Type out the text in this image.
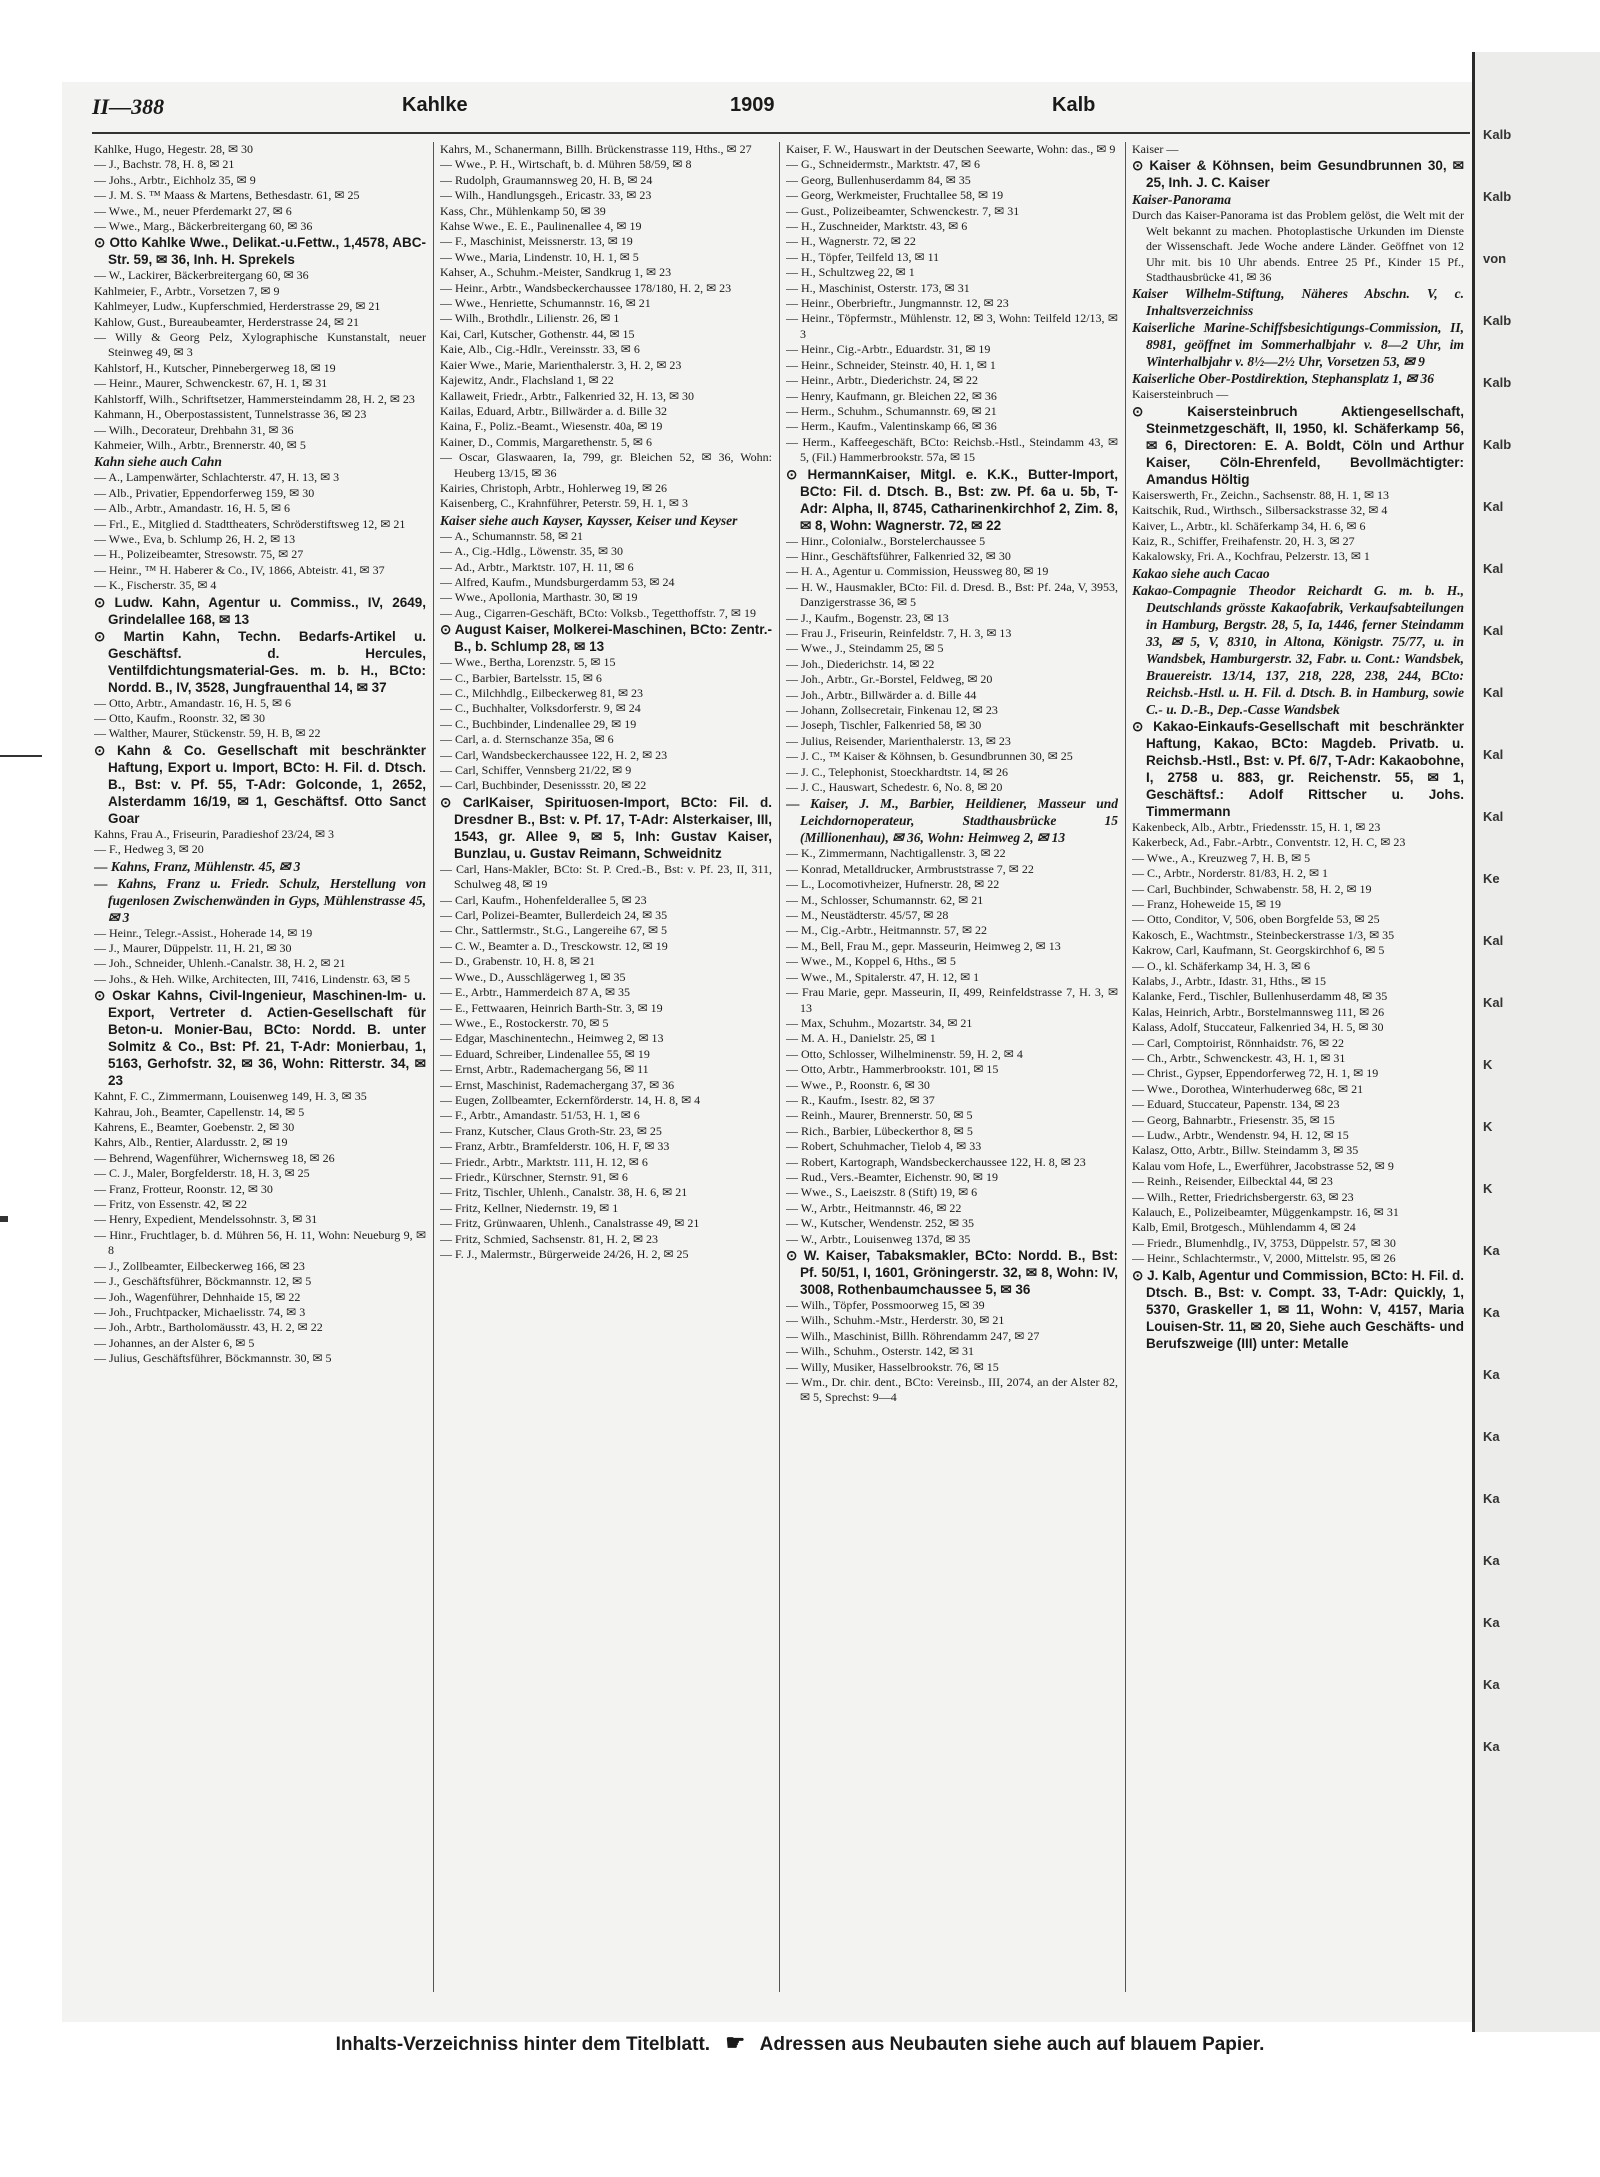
Kalb
Kalb
von
Kalb
Kalb
Kalb
Kal
Kal
Kal
Kal
Kal
Kal
Ke
Kal
Kal
K
K
K
Ka
Ka
Ka
Ka
Ka
Ka
Ka
Ka
Ka
II—388	Kahlke	1909	Kalb

Kahlke, Hugo, Hegestr. 28, ✉ 30

— J., Bachstr. 78, H. 8, ✉ 21

— Johs., Arbtr., Eichholz 35, ✉ 9

— J. M. S. ™ Maass & Martens, Bethesdastr. 61, ✉ 25

— Wwe., M., neuer Pferdemarkt 27, ✉ 6

— Wwe., Marg., Bäckerbreitergang 60, ✉ 36

⊙ Otto Kahlke Wwe., Delikat.-u.Fettw., 1,4578, ABC-Str. 59, ✉ 36, Inh. H. Sprekels

— W., Lackirer, Bäckerbreitergang 60, ✉ 36

Kahlmeier, F., Arbtr., Vorsetzen 7, ✉ 9

Kahlmeyer, Ludw., Kupferschmied, Herderstrasse 29, ✉ 21

Kahlow, Gust., Bureaubeamter, Herderstrasse 24, ✉ 21

— Willy & Georg Pelz, Xylographische Kunstanstalt, neuer Steinweg 49, ✉ 3

Kahlstorf, H., Kutscher, Pinnebergerweg 18, ✉ 19

— Heinr., Maurer, Schwenckestr. 67, H. 1, ✉ 31

Kahlstorff, Wilh., Schriftsetzer, Hammersteindamm 28, H. 2, ✉ 23

Kahmann, H., Oberpostassistent, Tunnelstrasse 36, ✉ 23

— Wilh., Decorateur, Drehbahn 31, ✉ 36

Kahmeier, Wilh., Arbtr., Brennerstr. 40, ✉ 5

Kahn siehe auch Cahn

— A., Lampenwärter, Schlachterstr. 47, H. 13, ✉ 3

— Alb., Privatier, Eppendorferweg 159, ✉ 30

— Alb., Arbtr., Amandastr. 16, H. 5, ✉ 6

— Frl., E., Mitglied d. Stadttheaters, Schröderstiftsweg 12, ✉ 21

— Wwe., Eva, b. Schlump 26, H. 2, ✉ 13

— H., Polizeibeamter, Stresowstr. 75, ✉ 27

— Heinr., ™ H. Haberer & Co., IV, 1866, Abteistr. 41, ✉ 37

— K., Fischerstr. 35, ✉ 4

⊙ Ludw. Kahn, Agentur u. Commiss., IV, 2649, Grindelallee 168, ✉ 13

⊙ Martin Kahn, Techn. Bedarfs-Artikel u. Geschäftsf. d. Hercules, Ventilfdichtungsmaterial-Ges. m. b. H., BCto: Nordd. B., IV, 3528, Jungfrauenthal 14, ✉ 37

— Otto, Arbtr., Amandastr. 16, H. 5, ✉ 6

— Otto, Kaufm., Roonstr. 32, ✉ 30

— Walther, Maurer, Stückenstr. 59, H. B, ✉ 22

⊙ Kahn & Co. Gesellschaft mit beschränkter Haftung, Export u. Import, BCto: H. Fil. d. Dtsch. B., Bst: v. Pf. 55, T-Adr: Golconde, 1, 2652, Alsterdamm 16/19, ✉ 1, Geschäftsf. Otto Sanct Goar

Kahns, Frau A., Friseurin, Paradieshof 23/24, ✉ 3

— F., Hedweg 3, ✉ 20

— Kahns, Franz, Mühlenstr. 45, ✉ 3

— Kahns, Franz u. Friedr. Schulz, Herstellung von fugenlosen Zwischenwänden in Gyps, Mühlenstrasse 45, ✉ 3

— Heinr., Telegr.-Assist., Hoherade 14, ✉ 19

— J., Maurer, Düppelstr. 11, H. 21, ✉ 30

— Joh., Schneider, Uhlenh.-Canalstr. 38, H. 2, ✉ 21

— Johs., & Heh. Wilke, Architecten, III, 7416, Lindenstr. 63, ✉ 5

⊙ Oskar Kahns, Civil-Ingenieur, Maschinen-Im- u. Export, Vertreter d. Actien-Gesellschaft für Beton-u. Monier-Bau, BCto: Nordd. B. unter Solmitz & Co., Bst: Pf. 21, T-Adr: Monierbau, 1, 5163, Gerhofstr. 32, ✉ 36, Wohn: Ritterstr. 34, ✉ 23

Kahnt, F. C., Zimmermann, Louisenweg 149, H. 3, ✉ 35

Kahrau, Joh., Beamter, Capellenstr. 14, ✉ 5

Kahrens, E., Beamter, Goebenstr. 2, ✉ 30

Kahrs, Alb., Rentier, Alardusstr. 2, ✉ 19

— Behrend, Wagenführer, Wichernsweg 18, ✉ 26

— C. J., Maler, Borgfelderstr. 18, H. 3, ✉ 25

— Franz, Frotteur, Roonstr. 12, ✉ 30

— Fritz, von Essenstr. 42, ✉ 22

— Henry, Expedient, Mendelssohnstr. 3, ✉ 31

— Hinr., Fruchtlager, b. d. Mühren 56, H. 11, Wohn: Neueburg 9, ✉ 8

— J., Zollbeamter, Eilbeckerweg 166, ✉ 23

— J., Geschäftsführer, Böckmannstr. 12, ✉ 5

— Joh., Wagenführer, Dehnhaide 15, ✉ 22

— Joh., Fruchtpacker, Michaelisstr. 74, ✉ 3

— Joh., Arbtr., Bartholomäusstr. 43, H. 2, ✉ 22

— Johannes, an der Alster 6, ✉ 5

— Julius, Geschäftsführer, Böckmannstr. 30, ✉ 5

Kahrs, M., Schanermann, Billh. Brückenstrasse 119, Hths., ✉ 27

— Wwe., P. H., Wirtschaft, b. d. Mühren 58/59, ✉ 8

— Rudolph, Graumannsweg 20, H. B, ✉ 24

— Wilh., Handlungsgeh., Ericastr. 33, ✉ 23

Kass, Chr., Mühlenkamp 50, ✉ 39

Kahse Wwe., E. E., Paulinenallee 4, ✉ 19

— F., Maschinist, Meissnerstr. 13, ✉ 19

— Wwe., Maria, Lindenstr. 10, H. 1, ✉ 5

Kahser, A., Schuhm.-Meister, Sandkrug 1, ✉ 23

— Heinr., Arbtr., Wandsbeckerchaussee 178/180, H. 2, ✉ 23

— Wwe., Henriette, Schumannstr. 16, ✉ 21

— Wilh., Brothdlr., Lilienstr. 26, ✉ 1

Kai, Carl, Kutscher, Gothenstr. 44, ✉ 15

Kaie, Alb., Cig.-Hdlr., Vereinsstr. 33, ✉ 6

Kaier Wwe., Marie, Marienthalerstr. 3, H. 2, ✉ 23

Kajewitz, Andr., Flachsland 1, ✉ 22

Kallaweit, Friedr., Arbtr., Falkenried 32, H. 13, ✉ 30

Kailas, Eduard, Arbtr., Billwärder a. d. Bille 32

Kaina, F., Poliz.-Beamt., Wiesenstr. 40a, ✉ 19

Kainer, D., Commis, Margarethenstr. 5, ✉ 6

— Oscar, Glaswaaren, Ia, 799, gr. Bleichen 52, ✉ 36, Wohn: Heuberg 13/15, ✉ 36

Kairies, Christoph, Arbtr., Hohlerweg 19, ✉ 26

Kaisenberg, C., Krahnführer, Peterstr. 59, H. 1, ✉ 3

Kaiser siehe auch Kayser, Kaysser, Keiser und Keyser

— A., Schumannstr. 58, ✉ 21

— A., Cig.-Hdlg., Löwenstr. 35, ✉ 30

— Ad., Arbtr., Marktstr. 107, H. 11, ✉ 6

— Alfred, Kaufm., Mundsburgerdamm 53, ✉ 24

— Wwe., Apollonia, Marthastr. 30, ✉ 19

— Aug., Cigarren-Geschäft, BCto: Volksb., Tegetthoffstr. 7, ✉ 19

⊙ August Kaiser, Molkerei-Maschinen, BCto: Zentr.-B., b. Schlump 28, ✉ 13

— Wwe., Bertha, Lorenzstr. 5, ✉ 15

— C., Barbier, Bartelsstr. 15, ✉ 6

— C., Milchhdlg., Eilbeckerweg 81, ✉ 23

— C., Buchhalter, Volksdorferstr. 9, ✉ 24

— C., Buchbinder, Lindenallee 29, ✉ 19

— Carl, a. d. Sternschanze 35a, ✉ 6

— Carl, Wandsbeckerchaussee 122, H. 2, ✉ 23

— Carl, Schiffer, Vennsberg 21/22, ✉ 9

— Carl, Buchbinder, Desenissstr. 20, ✉ 22

⊙ CarlKaiser, Spirituosen-Import, BCto: Fil. d. Dresdner B., Bst: v. Pf. 17, T-Adr: Alsterkaiser, III, 1543, gr. Allee 9, ✉ 5, Inh: Gustav Kaiser, Bunzlau, u. Gustav Reimann, Schweidnitz

— Carl, Hans-Makler, BCto: St. P. Cred.-B., Bst: v. Pf. 23, II, 311, Schulweg 48, ✉ 19

— Carl, Kaufm., Hohenfelderallee 5, ✉ 23

— Carl, Polizei-Beamter, Bullerdeich 24, ✉ 35

— Chr., Sattlermstr., St.G., Langereihe 67, ✉ 5

— C. W., Beamter a. D., Tresckowstr. 12, ✉ 19

— D., Grabenstr. 10, H. 8, ✉ 21

— Wwe., D., Ausschlägerweg 1, ✉ 35

— E., Arbtr., Hammerdeich 87 A, ✉ 35

— E., Fettwaaren, Heinrich Barth-Str. 3, ✉ 19

— Wwe., E., Rostockerstr. 70, ✉ 5

— Edgar, Maschinentechn., Heimweg 2, ✉ 13

— Eduard, Schreiber, Lindenallee 55, ✉ 19

— Ernst, Arbtr., Rademachergang 56, ✉ 11

— Ernst, Maschinist, Rademachergang 37, ✉ 36

— Eugen, Zollbeamter, Eckernförderstr. 14, H. 8, ✉ 4

— F., Arbtr., Amandastr. 51/53, H. 1, ✉ 6

— Franz, Kutscher, Claus Groth-Str. 23, ✉ 25

— Franz, Arbtr., Bramfelderstr. 106, H. F, ✉ 33

— Friedr., Arbtr., Marktstr. 111, H. 12, ✉ 6

— Friedr., Kürschner, Sternstr. 91, ✉ 6

— Fritz, Tischler, Uhlenh., Canalstr. 38, H. 6, ✉ 21

— Fritz, Kellner, Niedernstr. 19, ✉ 1

— Fritz, Grünwaaren, Uhlenh., Canalstrasse 49, ✉ 21

— Fritz, Schmied, Sachsenstr. 81, H. 2, ✉ 23

— F. J., Malermstr., Bürgerweide 24/26, H. 2, ✉ 25

Kaiser, F. W., Hauswart in der Deutschen Seewarte, Wohn: das., ✉ 9

— G., Schneidermstr., Marktstr. 47, ✉ 6

— Georg, Bullenhuserdamm 84, ✉ 35

— Georg, Werkmeister, Fruchtallee 58, ✉ 19

— Gust., Polizeibeamter, Schwenckestr. 7, ✉ 31

— H., Zuschneider, Marktstr. 43, ✉ 6

— H., Wagnerstr. 72, ✉ 22

— H., Töpfer, Teilfeld 13, ✉ 11

— H., Schultzweg 22, ✉ 1

— H., Maschinist, Osterstr. 173, ✉ 31

— Heinr., Oberbrieftr., Jungmannstr. 12, ✉ 23

— Heinr., Töpfermstr., Mühlenstr. 12, ✉ 3, Wohn: Teilfeld 12/13, ✉ 3

— Heinr., Cig.-Arbtr., Eduardstr. 31, ✉ 19

— Heinr., Schneider, Steinstr. 40, H. 1, ✉ 1

— Heinr., Arbtr., Diederichstr. 24, ✉ 22

— Henry, Kaufmann, gr. Bleichen 22, ✉ 36

— Herm., Schuhm., Schumannstr. 69, ✉ 21

— Herm., Kaufm., Valentinskamp 66, ✉ 36

— Herm., Kaffeegeschäft, BCto: Reichsb.-Hstl., Steindamm 43, ✉ 5, (Fil.) Hammerbrookstr. 57a, ✉ 15

⊙ HermannKaiser, Mitgl. e. K.K., Butter-Import, BCto: Fil. d. Dtsch. B., Bst: zw. Pf. 6a u. 5b, T-Adr: Alpha, II, 8745, Catharinenkirchhof 2, Zim. 8, ✉ 8, Wohn: Wagnerstr. 72, ✉ 22

— Hinr., Colonialw., Borstelerchaussee 5

— Hinr., Geschäftsführer, Falkenried 32, ✉ 30

— H. A., Agentur u. Commission, Heussweg 80, ✉ 19

— H. W., Hausmakler, BCto: Fil. d. Dresd. B., Bst: Pf. 24a, V, 3953, Danzigerstrasse 36, ✉ 5

— J., Kaufm., Bogenstr. 23, ✉ 13

— Frau J., Friseurin, Reinfeldstr. 7, H. 3, ✉ 13

— Wwe., J., Steindamm 25, ✉ 5

— Joh., Diederichstr. 14, ✉ 22

— Joh., Arbtr., Gr.-Borstel, Feldweg, ✉ 20

— Joh., Arbtr., Billwärder a. d. Bille 44

— Johann, Zollsecretair, Finkenau 12, ✉ 23

— Joseph, Tischler, Falkenried 58, ✉ 30

— Julius, Reisender, Marienthalerstr. 13, ✉ 23

— J. C., ™ Kaiser & Köhnsen, b. Gesundbrunnen 30, ✉ 25

— J. C., Telephonist, Stoeckhardtstr. 14, ✉ 26

— J. C., Hauswart, Schedestr. 6, No. 8, ✉ 20

— Kaiser, J. M., Barbier, Heildiener, Masseur und Leichdornoperateur, Stadthausbrücke 15 (Millionenhau), ✉ 36, Wohn: Heimweg 2, ✉ 13

— K., Zimmermann, Nachtigallenstr. 3, ✉ 22

— Konrad, Metalldrucker, Armbruststrasse 7, ✉ 22

— L., Locomotivheizer, Hufnerstr. 28, ✉ 22

— M., Schlosser, Schumannstr. 62, ✉ 21

— M., Neustädterstr. 45/57, ✉ 28

— M., Cig.-Arbtr., Heitmannstr. 57, ✉ 22

— M., Bell, Frau M., gepr. Masseurin, Heimweg 2, ✉ 13

— Wwe., M., Koppel 6, Hths., ✉ 5

— Wwe., M., Spitalerstr. 47, H. 12, ✉ 1

— Frau Marie, gepr. Masseurin, II, 499, Reinfeldstrasse 7, H. 3, ✉ 13

— Max, Schuhm., Mozartstr. 34, ✉ 21

— M. A. H., Danielstr. 25, ✉ 1

— Otto, Schlosser, Wilhelminenstr. 59, H. 2, ✉ 4

— Otto, Arbtr., Hammerbrookstr. 101, ✉ 15

— Wwe., P., Roonstr. 6, ✉ 30

— R., Kaufm., Isestr. 82, ✉ 37

— Reinh., Maurer, Brennerstr. 50, ✉ 5

— Rich., Barbier, Lübeckerthor 8, ✉ 5

— Robert, Schuhmacher, Tielob 4, ✉ 33

— Robert, Kartograph, Wandsbeckerchaussee 122, H. 8, ✉ 23

— Rud., Vers.-Beamter, Eichenstr. 90, ✉ 19

— Wwe., S., Laeiszstr. 8 (Stift) 19, ✉ 6

— W., Arbtr., Heitmannstr. 46, ✉ 22

— W., Kutscher, Wendenstr. 252, ✉ 35

— W., Arbtr., Louisenweg 137d, ✉ 35

⊙ W. Kaiser, Tabaksmakler, BCto: Nordd. B., Bst: Pf. 50/51, I, 1601, Gröningerstr. 32, ✉ 8, Wohn: IV, 3008, Rothenbaumchaussee 5, ✉ 36

— Wilh., Töpfer, Possmoorweg 15, ✉ 39

— Wilh., Schuhm.-Mstr., Herderstr. 30, ✉ 21

— Wilh., Maschinist, Billh. Röhrendamm 247, ✉ 27

— Wilh., Schuhm., Osterstr. 142, ✉ 31

— Willy, Musiker, Hasselbrookstr. 76, ✉ 15

— Wm., Dr. chir. dent., BCto: Vereinsb., III, 2074, an der Alster 82, ✉ 5, Sprechst: 9—4

Kaiser —

⊙ Kaiser & Köhnsen, beim Gesundbrunnen 30, ✉ 25, Inh. J. C. Kaiser

Kaiser-Panorama

Durch das Kaiser-Panorama ist das Problem gelöst, die Welt mit der Welt bekannt zu machen. Photoplastische Urkunden im Dienste der Wissenschaft. Jede Woche andere Länder. Geöffnet von 12 Uhr mit. bis 10 Uhr abends. Entree 25 Pf., Kinder 15 Pf., Stadthausbrücke 41, ✉ 36

Kaiser Wilhelm-Stiftung, Näheres Abschn. V, c. Inhaltsverzeichniss

Kaiserliche Marine-Schiffsbesichtigungs-Commission, II, 8981, geöffnet im Sommerhalbjahr v. 8—2 Uhr, im Winterhalbjahr v. 8½—2½ Uhr, Vorsetzen 53, ✉ 9

Kaiserliche Ober-Postdirektion, Stephansplatz 1, ✉ 36

Kaisersteinbruch —

⊙ Kaisersteinbruch Aktiengesellschaft, Steinmetzgeschäft, II, 1950, kl. Schäferkamp 56, ✉ 6, Directoren: E. A. Boldt, Cöln und Arthur Kaiser, Cöln-Ehrenfeld, Bevollmächtigter: Amandus Höltig

Kaiserswerth, Fr., Zeichn., Sachsenstr. 88, H. 1, ✉ 13

Kaitschik, Rud., Wirthsch., Silbersackstrasse 32, ✉ 4

Kaiver, L., Arbtr., kl. Schäferkamp 34, H. 6, ✉ 6

Kaiz, R., Schiffer, Freihafenstr. 20, H. 3, ✉ 27

Kakalowsky, Fri. A., Kochfrau, Pelzerstr. 13, ✉ 1

Kakao siehe auch Cacao

Kakao-Compagnie Theodor Reichardt G. m. b. H., Deutschlands grösste Kakaofabrik, Verkaufsabteilungen in Hamburg, Bergstr. 28, 5, Ia, 1446, ferner Steindamm 33, ✉ 5, V, 8310, in Altona, Königstr. 75/77, u. in Wandsbek, Hamburgerstr. 32, Fabr. u. Cont.: Wandsbek, Brauereistr. 13/14, 137, 218, 228, 238, 244, BCto: Reichsb.-Hstl. u. H. Fil. d. Dtsch. B. in Hamburg, sowie C.- u. D.-B., Dep.-Casse Wandsbek

⊙ Kakao-Einkaufs-Gesellschaft mit beschränkter Haftung, Kakao, BCto: Magdeb. Privatb. u. Reichsb.-Hstl., Bst: v. Pf. 6/7, T-Adr: Kakaobohne, I, 2758 u. 883, gr. Reichenstr. 55, ✉ 1, Geschäftsf.: Adolf Rittscher u. Johs. Timmermann

Kakenbeck, Alb., Arbtr., Friedensstr. 15, H. 1, ✉ 23

Kakerbeck, Ad., Fabr.-Arbtr., Conventstr. 12, H. C, ✉ 23

— Wwe., A., Kreuzweg 7, H. B, ✉ 5

— C., Arbtr., Norderstr. 81/83, H. 2, ✉ 1

— Carl, Buchbinder, Schwabenstr. 58, H. 2, ✉ 19

— Franz, Hoheweide 15, ✉ 19

— Otto, Conditor, V, 506, oben Borgfelde 53, ✉ 25

Kakosch, E., Wachtmstr., Steinbeckerstrasse 1/3, ✉ 35

Kakrow, Carl, Kaufmann, St. Georgskirchhof 6, ✉ 5

— O., kl. Schäferkamp 34, H. 3, ✉ 6

Kalabs, J., Arbtr., Idastr. 31, Hths., ✉ 15

Kalanke, Ferd., Tischler, Bullenhuserdamm 48, ✉ 35

Kalas, Heinrich, Arbtr., Borstelmannsweg 111, ✉ 26

Kalass, Adolf, Stuccateur, Falkenried 34, H. 5, ✉ 30

— Carl, Comptoirist, Rönnhaidstr. 76, ✉ 22

— Ch., Arbtr., Schwenckestr. 43, H. 1, ✉ 31

— Christ., Gypser, Eppendorferweg 72, H. 1, ✉ 19

— Wwe., Dorothea, Winterhuderweg 68c, ✉ 21

— Eduard, Stuccateur, Papenstr. 134, ✉ 23

— Georg, Bahnarbtr., Friesenstr. 35, ✉ 15

— Ludw., Arbtr., Wendenstr. 94, H. 12, ✉ 15

Kalasz, Otto, Arbtr., Billw. Steindamm 3, ✉ 35

Kalau vom Hofe, L., Ewerführer, Jacobstrasse 52, ✉ 9

— Reinh., Reisender, Eilbecktal 44, ✉ 23

— Wilh., Retter, Friedrichsbergerstr. 63, ✉ 23

Kalauch, E., Polizeibeamter, Müggenkampstr. 16, ✉ 31

Kalb, Emil, Brotgesch., Mühlendamm 4, ✉ 24

— Friedr., Blumenhdlg., IV, 3753, Düppelstr. 57, ✉ 30

— Heinr., Schlachtermstr., V, 2000, Mittelstr. 95, ✉ 26

⊙ J. Kalb, Agentur und Commission, BCto: H. Fil. d. Dtsch. B., Bst: v. Compt. 33, T-Adr: Quickly, 1, 5370, Graskeller 1, ✉ 11, Wohn: V, 4157, Maria Louisen-Str. 11, ✉ 20, Siehe auch Geschäfts- und Berufszweige (III) unter: Metalle

Inhalts-Verzeichniss hinter dem Titelblatt. ☛ Adressen aus Neubauten siehe auch auf blauem Papier.
